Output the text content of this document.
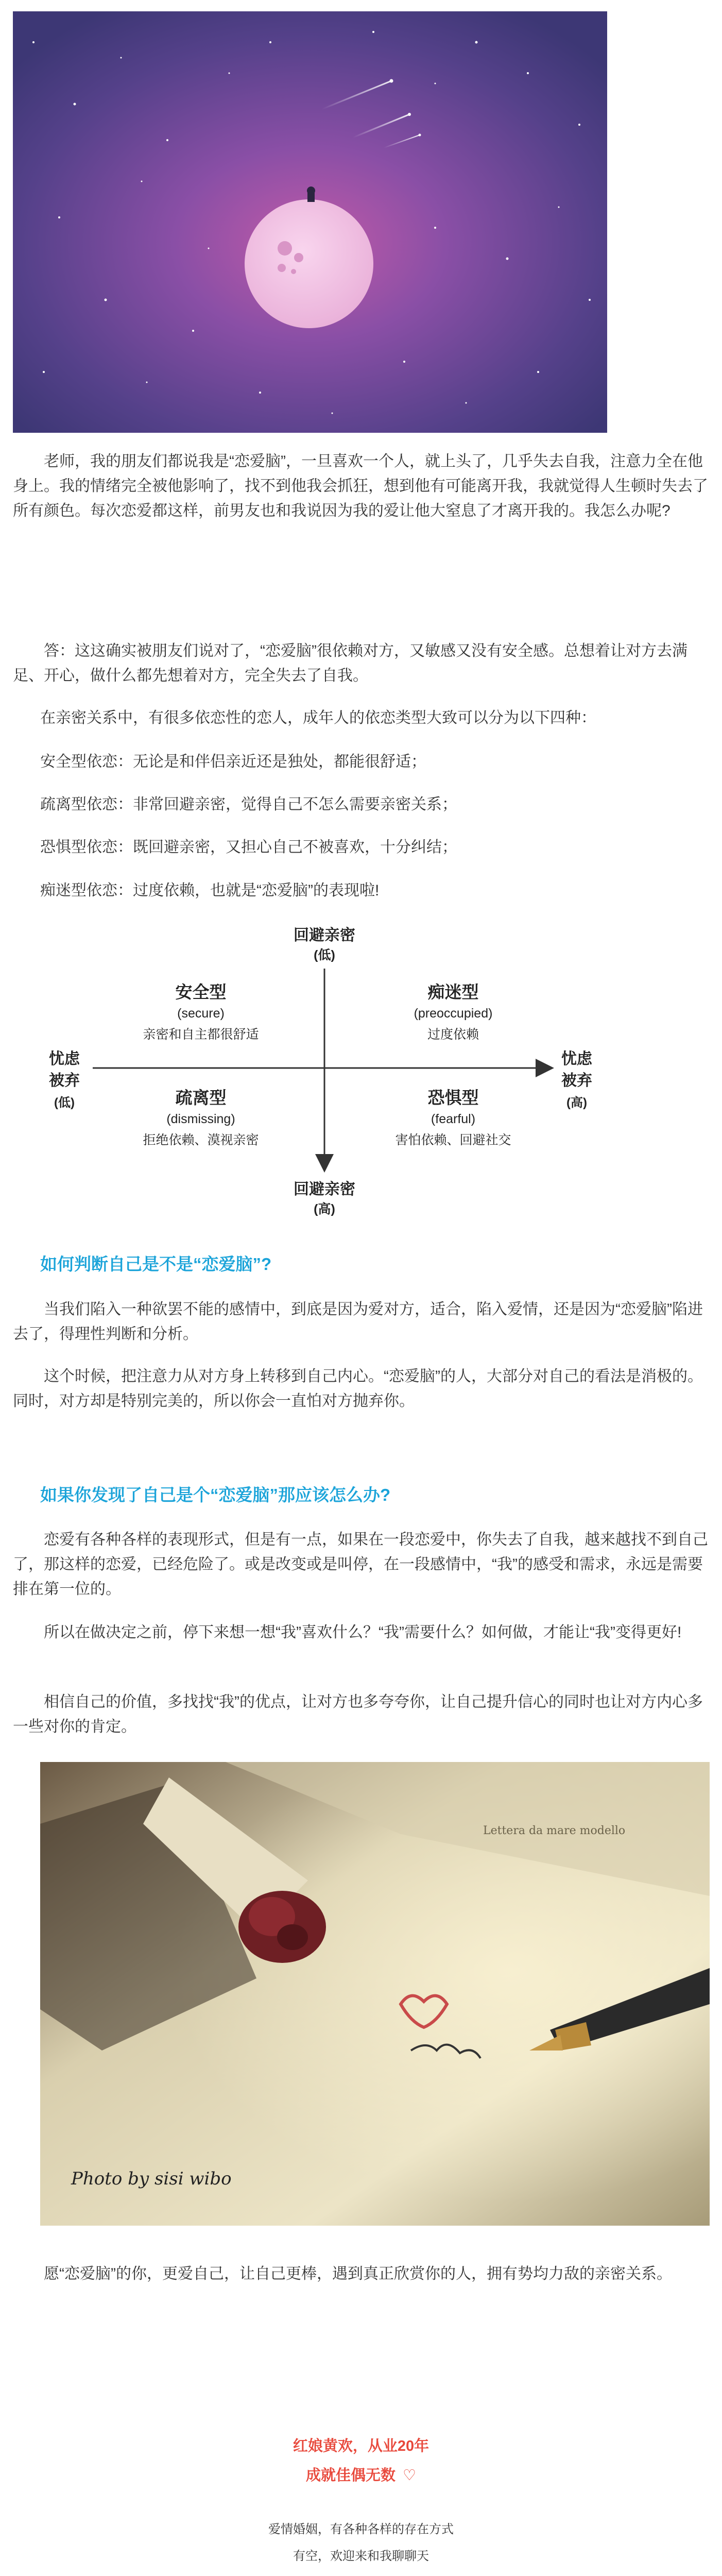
老师，我的朋友们都说我是“恋爱脑”，一旦喜欢一个人，就上头了，几乎失去自我，注意力全在他身上。我的情绪完全被他影响了，找不到他我会抓狂，想到他有可能离开我，我就觉得人生顿时失去了所有颜色。每次恋爱都这样，前男友也和我说因为我的爱让他大窒息了才离开我的。我怎么办呢?

答：这这确实被朋友们说对了，“恋爱脑”很依赖对方，又敏感又没有安全感。总想着让对方去满足、开心，做什么都先想着对方，完全失去了自我。

在亲密关系中，有很多依恋性的恋人，成年人的依恋类型大致可以分为以下四种：

安全型依恋：无论是和伴侣亲近还是独处，都能很舒适；

疏离型依恋：非常回避亲密，觉得自己不怎么需要亲密关系；

恐惧型依恋：既回避亲密，又担心自己不被喜欢，十分纠结；

痴迷型依恋：过度依赖，也就是“恋爱脑”的表现啦!

回避亲密
(低)
回避亲密
(高)
忧虑
被弃
(低)
忧虑
被弃
(高)
安全型
(secure)
亲密和自主都很舒适
痴迷型
(preoccupied)
过度依赖
疏离型
(dismissing)
拒绝依赖、漠视亲密
恐惧型
(fearful)
害怕依赖、回避社交
如何判断自己是不是“恋爱脑”?

当我们陷入一种欲罢不能的感情中，到底是因为爱对方，适合，陷入爱情，还是因为“恋爱脑”陷进去了，得理性判断和分析。

这个时候，把注意力从对方身上转移到自己内心。“恋爱脑”的人，大部分对自己的看法是消极的。同时，对方却是特别完美的，所以你会一直怕对方抛弃你。

如果你发现了自己是个“恋爱脑”那应该怎么办?

恋爱有各种各样的表现形式，但是有一点，如果在一段恋爱中，你失去了自我，越来越找不到自己了，那这样的恋爱，已经危险了。或是改变或是叫停，在一段感情中，“我”的感受和需求，永远是需要排在第一位的。

所以在做决定之前，停下来想一想“我”喜欢什么？“我”需要什么？如何做，才能让“我”变得更好!

相信自己的价值，多找找“我”的优点，让对方也多夸夸你，让自己提升信心的同时也让对方内心多一些对你的肯定。

Photo by sisi wibo
Lettera da mare modello

愿“恋爱脑”的你，更爱自己，让自己更棒，遇到真正欣赏你的人，拥有势均力敌的亲密关系。

红娘黄欢，从业20年
成就佳偶无数 ♡
爱情婚姻，有各种各样的存在方式
有空，欢迎来和我聊聊天
